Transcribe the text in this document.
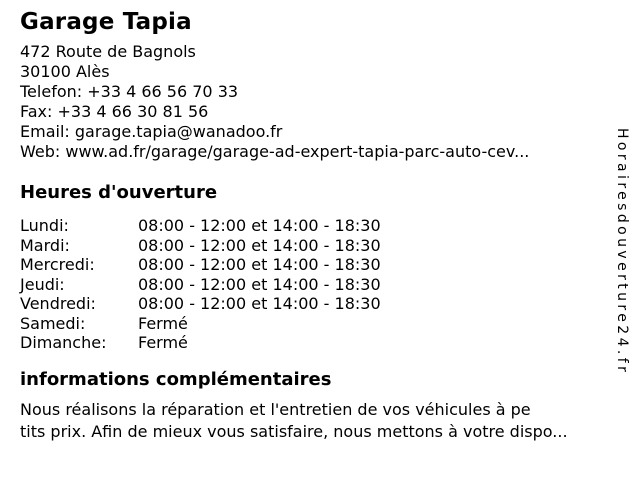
Garage Tapia
472 Route de Bagnols
30100 Alès
Telefon: +33 4 66 56 70 33
Fax: +33 4 66 30 81 56
Email: garage.tapia@wanadoo.fr
Web: www.ad.fr/garage/garage-ad-expert-tapia-parc-auto-cev...
Heures d'ouverture
Lundi:	08:00 - 12:00 et 14:00 - 18:30
Mardi:	08:00 - 12:00 et 14:00 - 18:30
Mercredi:	08:00 - 12:00 et 14:00 - 18:30
Jeudi:	08:00 - 12:00 et 14:00 - 18:30
Vendredi:	08:00 - 12:00 et 14:00 - 18:30
Samedi:	Fermé
Dimanche:	Fermé
informations complémentaires
Nous réalisons la réparation et l'entretien de vos véhicules à pe
tits prix. Afin de mieux vous satisfaire, nous mettons à votre dispo...
Horairesdouverture24.fr
